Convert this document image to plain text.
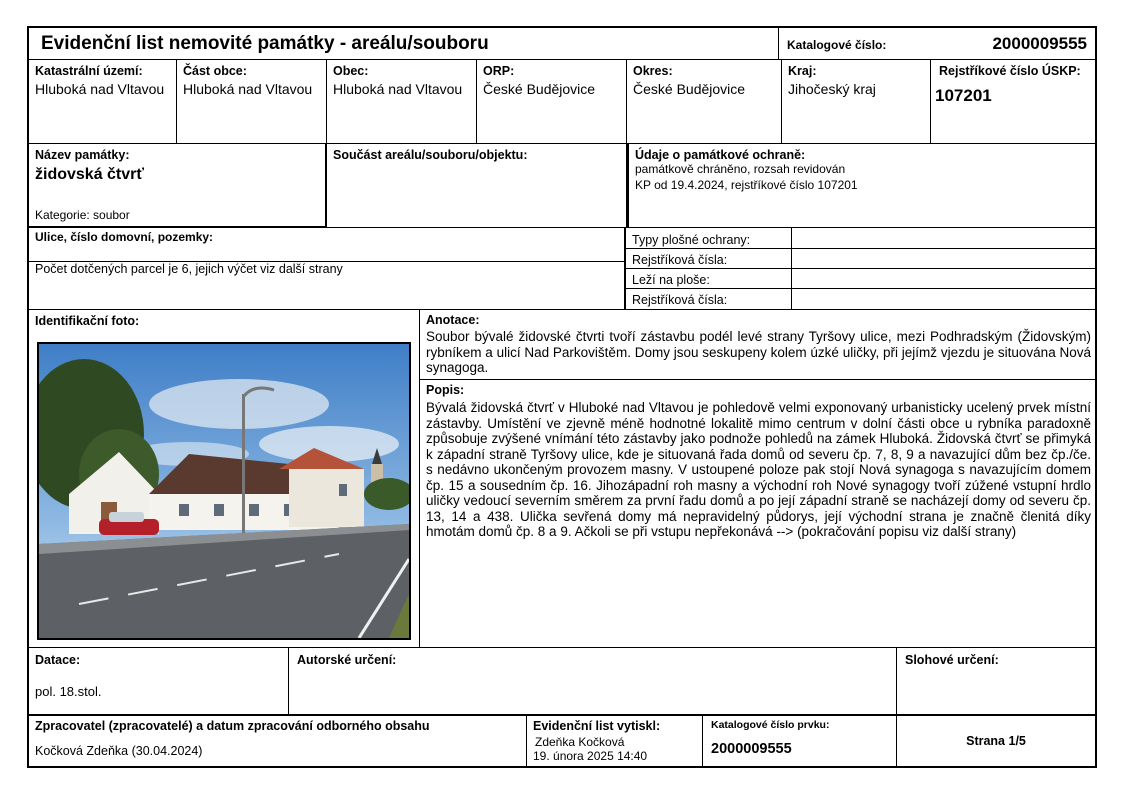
Evidenční list nemovité památky - areálu/souboru	Katalogové číslo:	2000009555
Katastrální území:
Hluboká nad Vltavou
Část obce:
Hluboká nad Vltavou
Obec:
Hluboká nad Vltavou
ORP:
České Budějovice
Okres:
České Budějovice
Kraj:
Jihočeský kraj
Rejstříkové číslo ÚSKP:
107201
Název památky:
židovská čtvrť
Kategorie: soubor
Součást areálu/souboru/objektu:	Údaje o památkové ochraně:
památkově chráněno, rozsah revidován
KP od 19.4.2024, rejstříkové číslo 107201
Ulice, číslo domovní, pozemky:
Počet dotčených parcel je 6, jejich výčet viz další strany
Typy plošné ochrany:
Rejstříková čísla:
Leží na ploše:
Rejstříková čísla:
Identifikační foto:	Anotace:
Soubor bývalé židovské čtvrti tvoří zástavbu podél levé strany Tyršovy ulice, mezi Podhradským (Židovským) rybníkem a ulicí Nad Parkovištěm. Domy jsou seskupeny kolem úzké uličky, při jejímž vjezdu je situována Nová synagoga.
Popis:
Bývalá židovská čtvrť v Hluboké nad Vltavou je pohledově velmi exponovaný urbanisticky ucelený prvek místní zástavby. Umístění ve zjevně méně hodnotné lokalitě mimo centrum v dolní části obce u rybníka paradoxně způsobuje zvýšené vnímání této zástavby jako podnože pohledů na zámek Hluboká. Židovská čtvrť se přimyká k západní straně Tyršovy ulice, kde je situovaná řada domů od severu čp. 7, 8, 9 a navazující dům bez čp./če. s nedávno ukončeným provozem masny. V ustoupené poloze pak stojí Nová synagoga s navazujícím domem čp. 15 a sousedním čp. 16. Jihozápadní roh masny a východní roh Nové synagogy tvoří zúžené vstupní hrdlo uličky vedoucí severním směrem za první řadu domů a po její západní straně se nacházejí domy od severu čp. 13, 14 a 438. Ulička sevřená domy má nepravidelný půdorys, její východní strana je značně členitá díky hmotám domů čp. 8 a 9. Ačkoli se při vstupu nepřekonává --> (pokračování popisu viz další strany)
Datace:
pol. 18.stol.
Autorské určení:	Slohové určení:
Zpracovatel (zpracovatelé) a datum zpracování odborného obsahu
Kočková Zdeňka (30.04.2024)
Evidenční list vytiskl:
Zdeňka Kočková
19. února 2025 14:40
Katalogové číslo prvku:
2000009555	Strana 1/5
